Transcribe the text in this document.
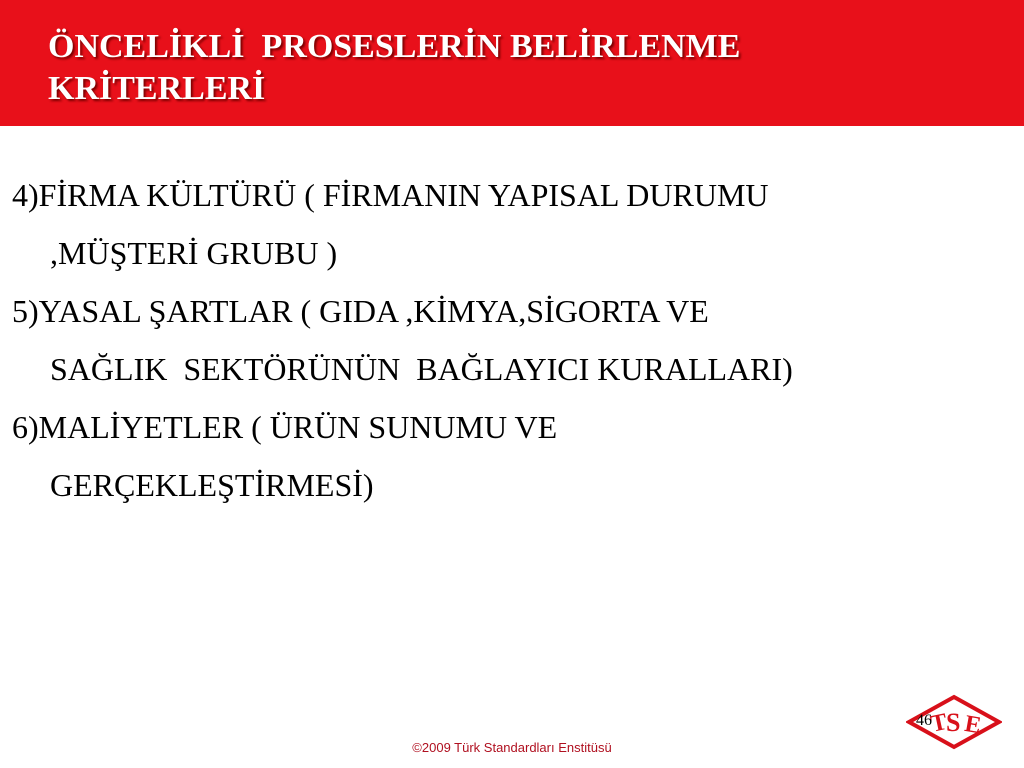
ÖNCELİKLİ  PROSESLERİN BELİRLENME
KRİTERLERİ
4)FİRMA KÜLTÜRÜ ( FİRMANIN YAPISAL DURUMU
,MÜŞTERİ GRUBU )
5)YASAL ŞARTLAR ( GIDA ,KİMYA,SİGORTA VE
SAĞLIK  SEKTÖRÜNÜN  BAĞLAYICI KURALLARI)
6)MALİYETLER ( ÜRÜN SUNUMU VE
GERÇEKLEŞTİRMESİ)
T
S E
46
©2009 Türk Standardları Enstitüsü
